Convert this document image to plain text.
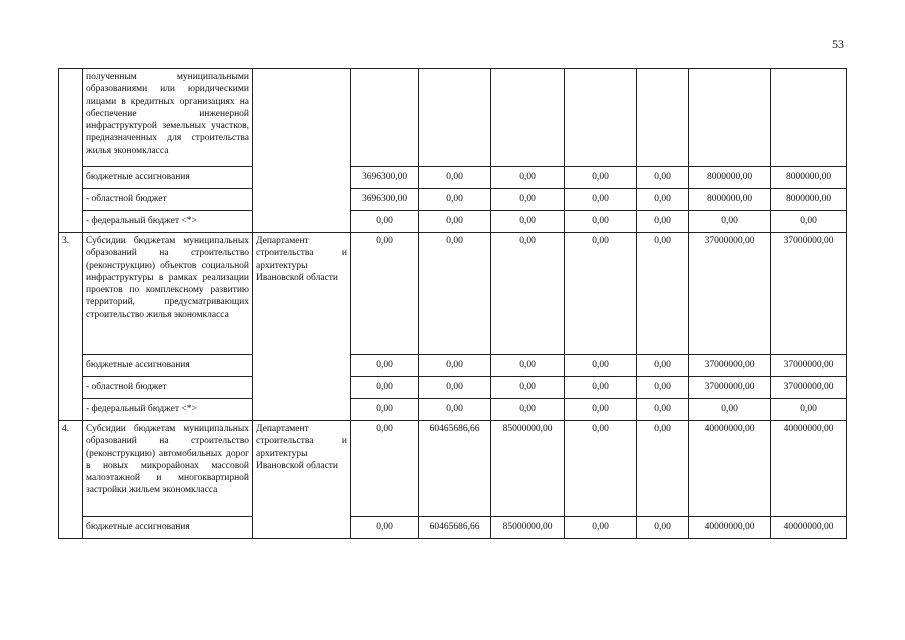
53
	полученным муниципальными образованиями или юридическими лицами в кредитных организациях на обеспечение инженерной инфраструктурой земельных участков, предназначенных для строительства жилья экономкласса								
	бюджетные ассигнования		3696300,00	0,00	0,00	0,00	0,00	8000000,00	8000000,00
	- областной бюджет		3696300,00	0,00	0,00	0,00	0,00	8000000,00	8000000,00
	- федеральный бюджет <*>		0,00	0,00	0,00	0,00	0,00	0,00	0,00
3.	Субсидии бюджетам муниципальных образований на строительство (реконструкцию) объектов социальной инфраструктуры в рамках реализации проектов по комплексному развитию территорий, предусматривающих строительство жилья экономкласса	Департамент строительства и архитектуры Ивановской области	0,00	0,00	0,00	0,00	0,00	37000000,00	37000000,00
	бюджетные ассигнования		0,00	0,00	0,00	0,00	0,00	37000000,00	37000000,00
	- областной бюджет		0,00	0,00	0,00	0,00	0,00	37000000,00	37000000,00
	- федеральный бюджет <*>		0,00	0,00	0,00	0,00	0,00	0,00	0,00
4.	Субсидии бюджетам муниципальных образований на строительство (реконструкцию) автомобильных дорог в новых микрорайонах массовой малоэтажной и многоквартирной застройки жильем экономкласса	Департамент строительства и архитектуры Ивановской области	0,00	60465686,66	85000000,00	0,00	0,00	40000000,00	40000000,00
	бюджетные ассигнования		0,00	60465686,66	85000000,00	0,00	0,00	40000000,00	40000000,00
